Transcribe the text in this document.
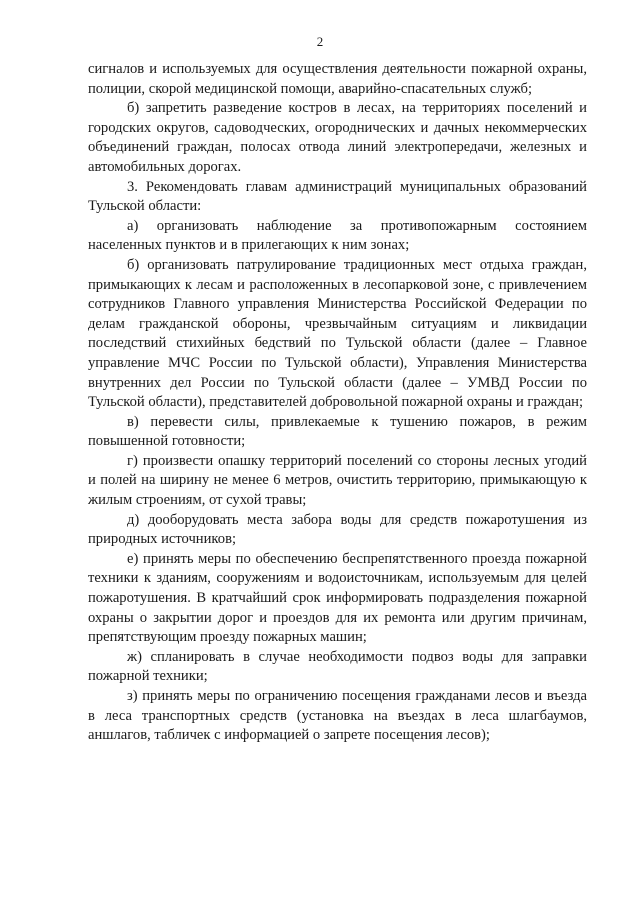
2

сигналов и используемых для осуществления деятельности пожарной охраны, полиции, скорой медицинской помощи, аварийно-спасательных служб;

б) запретить разведение костров в лесах, на территориях поселений и городских округов, садоводческих, огороднических и дачных некоммерческих объединений граждан, полосах отвода линий электропередачи, железных и автомобильных дорогах.

3. Рекомендовать главам администраций муниципальных образований Тульской области:

а) организовать наблюдение за противопожарным состоянием населенных пунктов и в прилегающих к ним зонах;

б) организовать патрулирование традиционных мест отдыха граждан, примыкающих к лесам и расположенных в лесопарковой зоне, с привлечением сотрудников Главного управления Министерства Российской Федерации по делам гражданской обороны, чрезвычайным ситуациям и ликвидации последствий стихийных бедствий по Тульской области (далее – Главное управление МЧС России по Тульской области), Управления Министерства внутренних дел России по Тульской области (далее – УМВД России по Тульской области), представителей добровольной пожарной охраны и граждан;

в) перевести силы, привлекаемые к тушению пожаров, в режим повышенной готовности;

г) произвести опашку территорий поселений со стороны лесных угодий и полей на ширину не менее 6 метров, очистить территорию, примыкающую к жилым строениям, от сухой травы;

д) дооборудовать места забора воды для средств пожаротушения из природных источников;

е) принять меры по обеспечению беспрепятственного проезда пожарной техники к зданиям, сооружениям и водоисточникам, используемым для целей пожаротушения. В кратчайший срок информировать подразделения пожарной охраны о закрытии дорог и проездов для их ремонта или другим причинам, препятствующим проезду пожарных машин;

ж) спланировать в случае необходимости подвоз воды для заправки пожарной техники;

з) принять меры по ограничению посещения гражданами лесов и въезда в леса транспортных средств (установка на въездах в леса шлагбаумов, аншлагов, табличек с информацией о запрете посещения лесов);
